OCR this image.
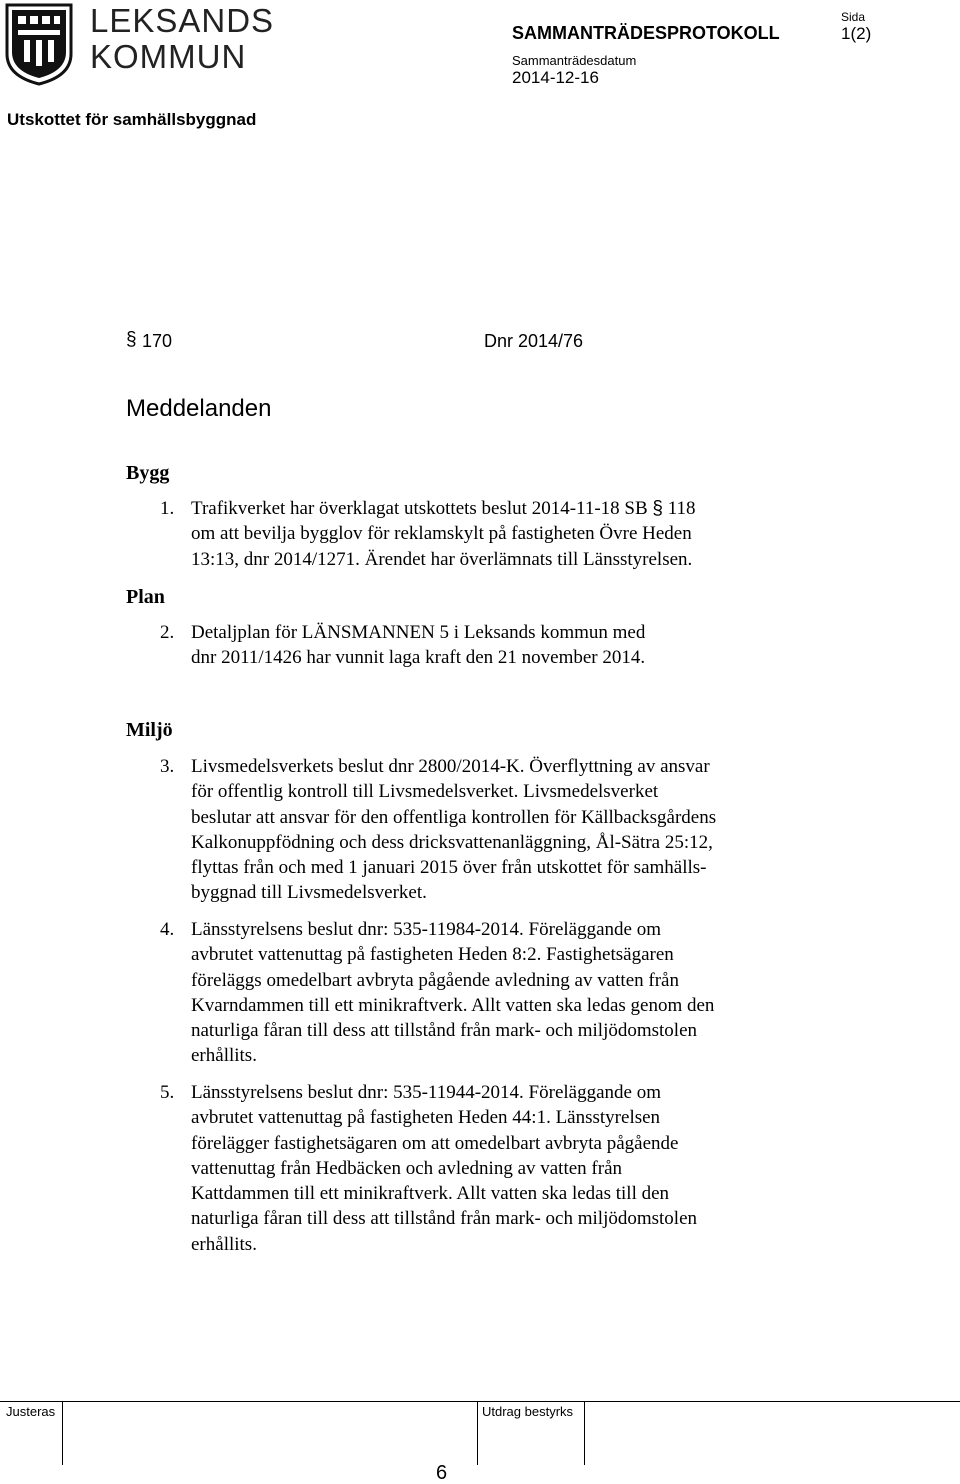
LEKSANDS
KOMMUN
SAMMANTRÄDESPROTOKOLL
Sida
1(2)
Sammanträdesdatum
2014-12-16
Utskottet för samhällsbyggnad
§ 170	Dnr 2014/76
Meddelanden
Bygg
Plan
Miljö
1. Trafikverket har överklagat utskottets beslut 2014-11-18 SB § 118

om att bevilja bygglov för reklamskylt på fastigheten Övre Heden

13:13, dnr 2014/1271. Ärendet har överlämnats till Länsstyrelsen.

2. Detaljplan för LÄNSMANNEN 5 i Leksands kommun med

dnr 2011/1426 har vunnit laga kraft den 21 november 2014.

3. Livsmedelsverkets beslut dnr 2800/2014-K. Överflyttning av ansvar

för offentlig kontroll till Livsmedelsverket. Livsmedelsverket

beslutar att ansvar för den offentliga kontrollen för Källbacksgårdens

Kalkonuppfödning och dess dricksvattenanläggning, Ål-Sätra 25:12,

flyttas från och med 1 januari 2015 över från utskottet för samhälls-

byggnad till Livsmedelsverket.

4. Länsstyrelsens beslut dnr: 535-11984-2014. Föreläggande om

avbrutet vattenuttag på fastigheten Heden 8:2. Fastighetsägaren

föreläggs omedelbart avbryta pågående avledning av vatten från

Kvarndammen till ett minikraftverk. Allt vatten ska ledas genom den

naturliga fåran till dess att tillstånd från mark- och miljödomstolen

erhållits.

5. Länsstyrelsens beslut dnr: 535-11944-2014. Föreläggande om

avbrutet vattenuttag på fastigheten Heden 44:1. Länsstyrelsen

förelägger fastighetsägaren om att omedelbart avbryta pågående

vattenuttag från Hedbäcken och avledning av vatten från

Kattdammen till ett minikraftverk. Allt vatten ska ledas till den

naturliga fåran till dess att tillstånd från mark- och miljödomstolen

erhållits.

Justeras	Utdrag bestyrks
6
